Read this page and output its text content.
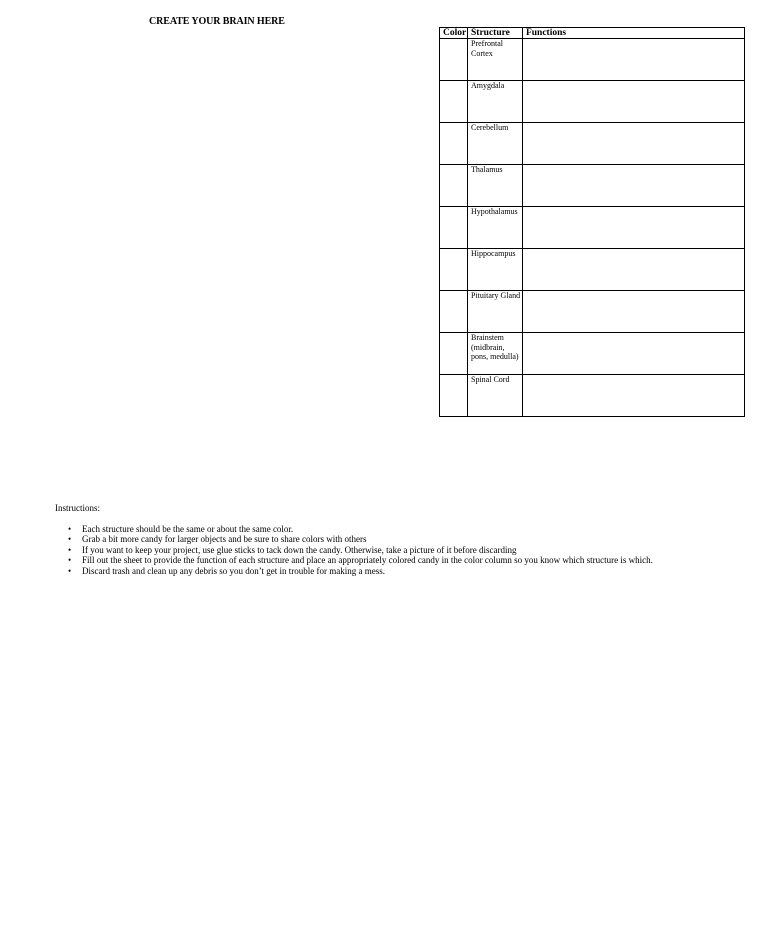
CREATE YOUR BRAIN HERE
Color	Structure	Functions
	Prefrontal Cortex	
	Amygdala	
	Cerebellum	
	Thalamus	
	Hypothalamus	
	Hippocampus	
	Pituitary Gland	
	Brainstem (midbrain, pons, medulla)	
	Spinal Cord	
Instructions:
• Each structure should be the same or about the same color.
• Grab a bit more candy for larger objects and be sure to share colors with others
• If you want to keep your project, use glue sticks to tack down the candy. Otherwise, take a picture of it before discarding
• Fill out the sheet to provide the function of each structure and place an appropriately colored candy in the color column so you know which structure is which.
• Discard trash and clean up any debris so you don’t get in trouble for making a mess.
